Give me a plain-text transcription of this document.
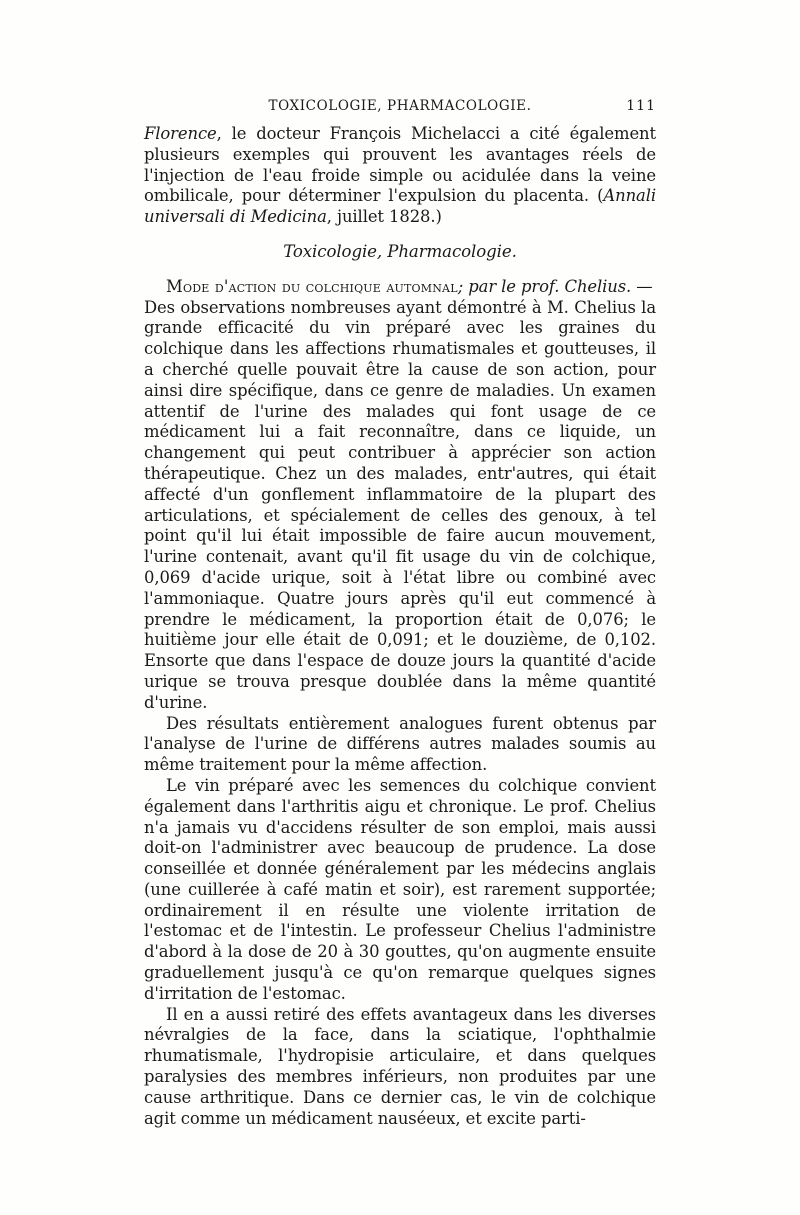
TOXICOLOGIE, PHARMACOLOGIE.	111

Florence, le docteur François Michelacci a cité également plusieurs exemples qui prouvent les avantages réels de l'injection de l'eau froide simple ou acidulée dans la veine ombilicale, pour déterminer l'expulsion du placenta. (Annali universali di Medicina, juillet 1828.)

Toxicologie, Pharmacologie.

Mode d'action du colchique automnal; par le prof. Chelius. —
Des observations nombreuses ayant démontré à M. Chelius la grande efficacité du vin préparé avec les graines du colchique dans les affections rhumatismales et goutteuses, il a cherché quelle pouvait être la cause de son action, pour ainsi dire spécifique, dans ce genre de maladies. Un examen attentif de l'urine des malades qui font usage de ce médicament lui a fait reconnaître, dans ce liquide, un changement qui peut contribuer à apprécier son action thérapeutique. Chez un des malades, entr'autres, qui était affecté d'un gonflement inflammatoire de la plupart des articulations, et spécialement de celles des genoux, à tel point qu'il lui était impossible de faire aucun mouvement, l'urine contenait, avant qu'il fit usage du vin de colchique, 0,069 d'acide urique, soit à l'état libre ou combiné avec l'ammoniaque. Quatre jours après qu'il eut commencé à prendre le médicament, la proportion était de 0,076; le huitième jour elle était de 0,091; et le douzième, de 0,102. Ensorte que dans l'espace de douze jours la quantité d'acide urique se trouva presque doublée dans la même quantité d'urine.

Des résultats entièrement analogues furent obtenus par l'analyse de l'urine de différens autres malades soumis au même traitement pour la même affection.

Le vin préparé avec les semences du colchique convient également dans l'arthritis aigu et chronique. Le prof. Chelius n'a jamais vu d'accidens résulter de son emploi, mais aussi doit-on l'administrer avec beaucoup de prudence. La dose conseillée et donnée généralement par les médecins anglais (une cuillerée à café matin et soir), est rarement supportée; ordinairement il en résulte une violente irritation de l'estomac et de l'intestin. Le professeur Chelius l'administre d'abord à la dose de 20 à 30 gouttes, qu'on augmente ensuite graduellement jusqu'à ce qu'on remarque quelques signes d'irritation de l'estomac.

Il en a aussi retiré des effets avantageux dans les diverses névralgies de la face, dans la sciatique, l'ophthalmie rhumatismale, l'hydropisie articulaire, et dans quelques paralysies des membres inférieurs, non produites par une cause arthritique. Dans ce dernier cas, le vin de colchique agit comme un médicament nauséeux, et excite parti-
